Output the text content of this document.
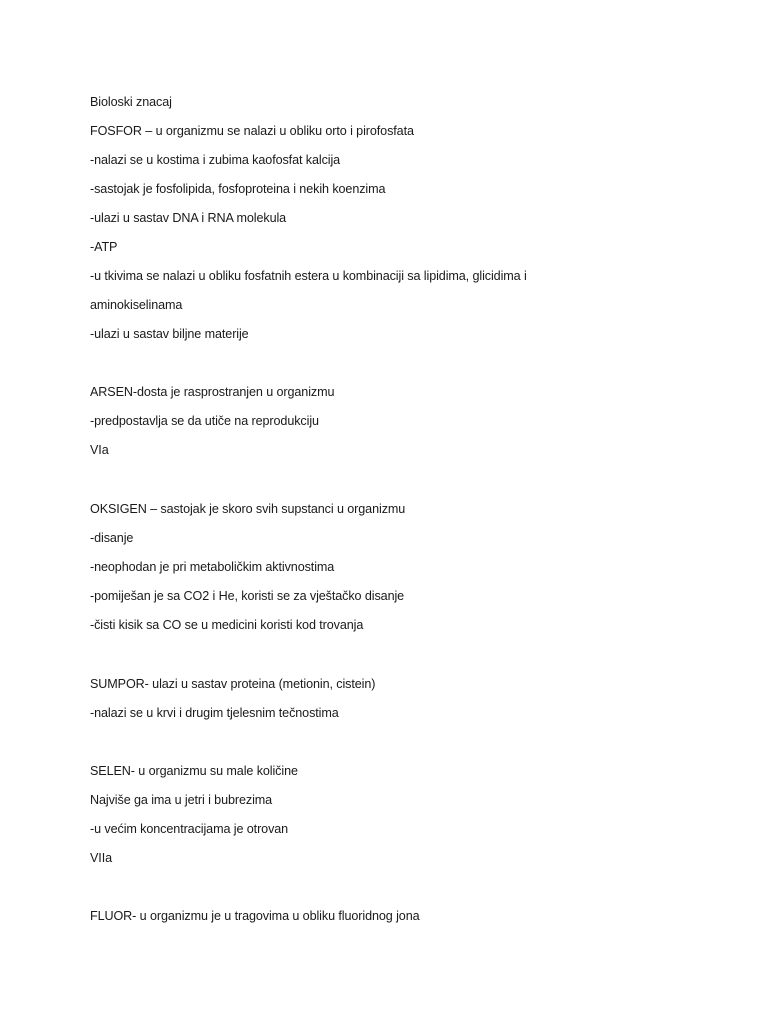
Bioloski znacaj
FOSFOR – u organizmu se nalazi u obliku orto i pirofosfata
-nalazi se u kostima i zubima kaofosfat kalcija
-sastojak je fosfolipida, fosfoproteina i nekih koenzima
-ulazi u sastav DNA i RNA molekula
-ATP
-u tkivima se nalazi u obliku fosfatnih estera u kombinaciji sa lipidima, glicidima i
aminokiselinama
-ulazi u sastav biljne materije
ARSEN-dosta je rasprostranjen u organizmu
-predpostavlja se da utiče na reprodukciju
VIa
OKSIGEN – sastojak je skoro svih supstanci u organizmu
-disanje
-neophodan je pri metaboličkim aktivnostima
-pomiješan je sa CO2 i He, koristi se za vještačko disanje
-čisti kisik sa CO se u medicini koristi kod trovanja
SUMPOR- ulazi u sastav proteina (metionin, cistein)
-nalazi se u krvi i drugim tjelesnim tečnostima
SELEN- u organizmu su male količine
Najviše ga ima u jetri i bubrezima
-u većim koncentracijama je otrovan
VIIa
FLUOR- u organizmu je u tragovima u obliku fluoridnog jona
